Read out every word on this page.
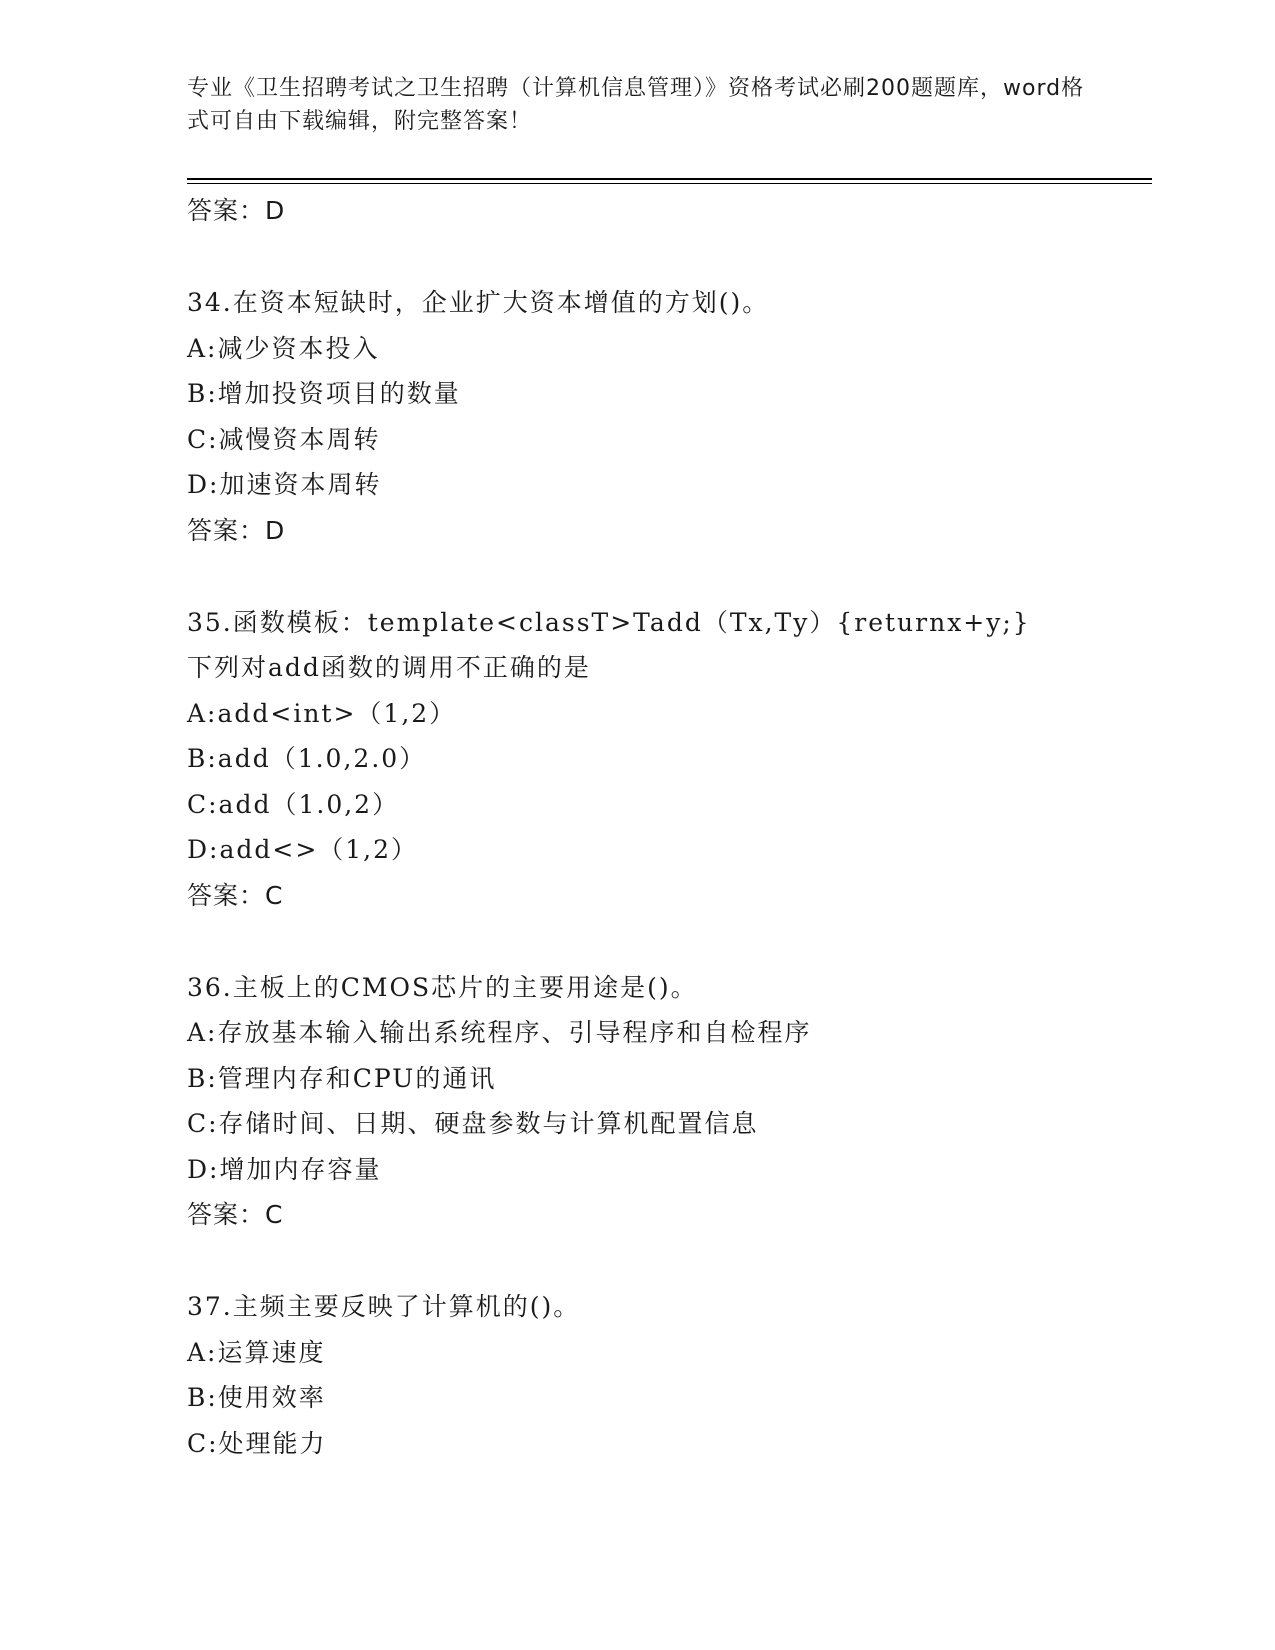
专业《卫生招聘考试之卫生招聘（计算机信息管理）》资格考试必刷200题题库，word格式可自由下载编辑，附完整答案！
答案：D
34.在资本短缺时，企业扩大资本增值的方划()。
A:减少资本投入
B:增加投资项目的数量
C:减慢资本周转
D:加速资本周转
答案：D
35.函数模板：template<classT>Tadd（Tx,Ty）{returnx+y;}下列对add函数的调用不正确的是
A:add<int>（1,2）
B:add（1.0,2.0）
C:add（1.0,2）
D:add<>（1,2）
答案：C
36.主板上的CMOS芯片的主要用途是()。
A:存放基本输入输出系统程序、引导程序和自检程序
B:管理内存和CPU的通讯
C:存储时间、日期、硬盘参数与计算机配置信息
D:增加内存容量
答案：C
37.主频主要反映了计算机的()。
A:运算速度
B:使用效率
C:处理能力
